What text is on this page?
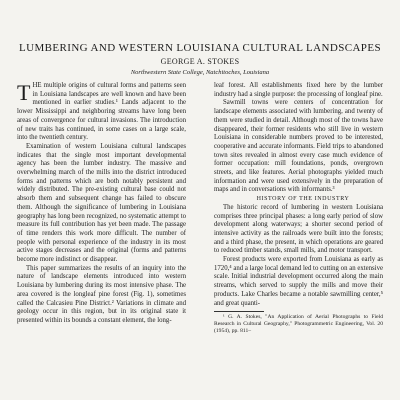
LUMBERING AND WESTERN LOUISIANA CULTURAL LANDSCAPES

GEORGE A. STOKES

Northwestern State College, Natchitoches, Louisiana

THE multiple origins of cultural forms and patterns seen in Louisiana landscapes are well known and have been mentioned in earlier studies.¹ Lands adjacent to the lower Mississippi and neighboring streams have long been areas of convergence for cultural invasions. The introduction of new traits has continued, in some cases on a large scale, into the twentieth century.

Examination of western Louisiana cultural landscapes indicates that the single most important developmental agency has been the lumber industry. The massive and overwhelming march of the mills into the district introduced forms and patterns which are both notably persistent and widely distributed. The pre-existing cultural base could not absorb them and subsequent change has failed to obscure them. Although the significance of lumbering in Louisiana geography has long been recognized, no systematic attempt to measure its full contribution has yet been made. The passage of time renders this work more difficult. The number of people with personal experience of the industry in its most active stages decreases and the original (forms and patterns become more indistinct or disappear.

This paper summarizes the results of an inquiry into the nature of landscape elements introduced into western Louisiana by lumbering during its most intensive phase. The area covered is the longleaf pine forest (Fig. 1), sometimes called the Calcasieu Pine District.² Variations in climate and geology occur in this region, but in its original state it presented within its bounds a constant element, the long-

leaf forest. All establishments fixed here by the lumber industry had a single purpose: the processing of longleaf pine.

Sawmill towns were centers of concentration for landscape elements associated with lumbering, and twenty of them were studied in detail. Although most of the towns have disappeared, their former residents who still live in western Louisiana in considerable numbers proved to be interested, cooperative and accurate informants. Field trips to abandoned town sites revealed in almost every case much evidence of former occupation: mill foundations, ponds, overgrown streets, and like features. Aerial photographs yielded much information and were used extensively in the preparation of maps and in conversations with informants.³

HISTORY OF THE INDUSTRY

The historic record of lumbering in western Louisiana comprises three principal phases: a long early period of slow development along waterways; a shorter second period of intensive activity as the railroads were built into the forests; and a third phase, the present, in which operations are geared to reduced timber stands, small mills, and motor transport.

Forest products were exported from Louisiana as early as 1720,⁴ and a large local demand led to cutting on an extensive scale. Initial industrial development occurred along the main streams, which served to supply the mills and move their products. Lake Charles became a notable sawmilling center,⁵ and great quanti-

¹ G. A. Stokes, "An Application of Aerial Photographs to Field Research in Cultural Geography," Photogrammetric Engineering, Vol. 20 (1954), pp. 811–
